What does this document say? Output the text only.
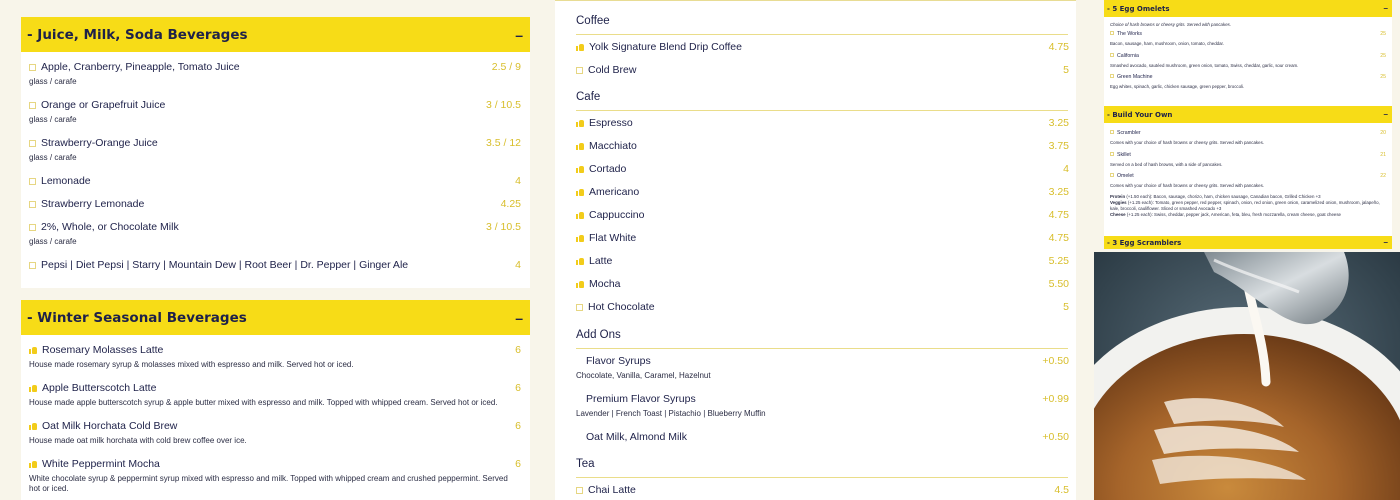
- Juice, Milk, Soda Beverages	–
Apple, Cranberry, Pineapple, Tomato Juice	2.5 / 9
glass / carafe
Orange or Grapefruit Juice	3 / 10.5
glass / carafe
Strawberry-Orange Juice	3.5 / 12
glass / carafe
Lemonade	4
Strawberry Lemonade	4.25
2%, Whole, or Chocolate Milk	3 / 10.5
glass / carafe
Pepsi | Diet Pepsi | Starry | Mountain Dew | Root Beer | Dr. Pepper | Ginger Ale	4
- Winter Seasonal Beverages	–
Rosemary Molasses Latte	6
House made rosemary syrup & molasses mixed with espresso and milk. Served hot or iced.
Apple Butterscotch Latte	6
House made apple butterscotch syrup & apple butter mixed with espresso and milk. Topped with whipped cream. Served hot or iced.
Oat Milk Horchata Cold Brew	6
House made oat milk horchata with cold brew coffee over ice.
White Peppermint Mocha	6
White chocolate syrup & peppermint syrup mixed with espresso and milk. Topped with whipped cream and crushed peppermint. Served hot or iced.
Coffee
Yolk Signature Blend Drip Coffee	4.75
Cold Brew	5
Cafe
Espresso	3.25
Macchiato	3.75
Cortado	4
Americano	3.25
Cappuccino	4.75
Flat White	4.75
Latte	5.25
Mocha	5.50
Hot Chocolate	5
Add Ons
Flavor Syrups	+0.50
Chocolate, Vanilla, Caramel, Hazelnut
Premium Flavor Syrups	+0.99
Lavender | French Toast | Pistachio | Blueberry Muffin
Oat Milk, Almond Milk	+0.50
Tea
Chai Latte	4.5
- 5 Egg Omelets	–
Choice of hash browns or cheesy grits. Served with pancakes.
The Works	25
Bacon, sausage, ham, mushroom, onion, tomato, cheddar.
California	25
Smashed avocado, sautéed mushroom, green onion, tomato, Swiss, cheddar, garlic, sour cream.
Green Machine	25
Egg whites, spinach, garlic, chicken sausage, green pepper, broccoli.
- Build Your Own	–
Scrambler	20
Comes with your choice of hash browns or cheesy grits. Served with pancakes.
Skillet	21
Served on a bed of hash browns, with a side of pancakes.
Omelet	22
Comes with your choice of hash browns or cheesy grits. Served with pancakes.
Protein (+1.50 each): Bacon, sausage, chorizo, ham, chicken sausage, Canadian bacon, Grilled Chicken +3
Veggies (+1.25 each): Tomato, green pepper, red pepper, spinach, onion, red onion, green onion, caramelized onion, mushroom, jalapeño, kale, broccoli, cauliflower. Sliced or smashed Avocado +3
Cheese (+1.25 each): Swiss, cheddar, pepper jack, American, feta, bleu, fresh mozzarella, cream cheese, goat cheese
- 3 Egg Scramblers	–
